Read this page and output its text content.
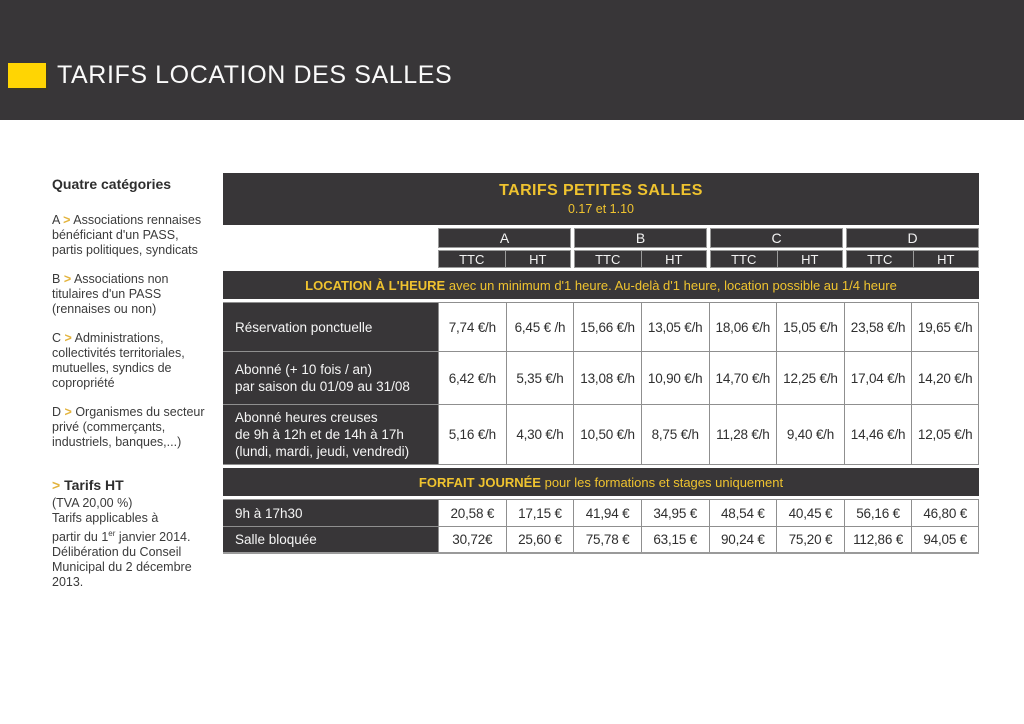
TARIFS LOCATION DES SALLES
Quatre catégories
A > Associations rennaises
bénéficiant d'un PASS,
partis politiques, syndicats
B > Associations non
titulaires d'un PASS
(rennaises ou non)
C > Administrations,
collectivités territoriales,
mutuelles, syndics de
copropriété
D > Organismes du secteur
privé (commerçants,
industriels, banques,...)
> Tarifs HT
(TVA 20,00 %)
Tarifs applicables à
partir du 1er janvier 2014.
Délibération du Conseil
Municipal du 2 décembre
2013.
TARIFS PETITES SALLES
0.17 et 1.10
A	B	C	D
TTC	HT	TTC	HT	TTC	HT	TTC	HT
LOCATION À L'HEURE avec un minimum d'1 heure. Au-delà d'1 heure, location possible au 1/4 heure
Réservation ponctuelle	7,74 €/h	6,45 € /h	15,66 €/h 13,05 €/h 18,06 €/h 15,05 €/h 23,58 €/h 19,65 €/h
Abonné (+ 10 fois / an)
par saison du 01/09 au 31/08
6,42 €/h	5,35 €/h	13,08 €/h 10,90 €/h 14,70 €/h 12,25 €/h 17,04 €/h 14,20 €/h
Abonné heures creuses
de 9h à 12h et de 14h à 17h
(lundi, mardi, jeudi, vendredi)
5,16 €/h	4,30 €/h	10,50 €/h	8,75 €/h	11,28 €/h	9,40 €/h	14,46 €/h 12,05 €/h
FORFAIT JOURNÉE pour les formations et stages uniquement
9h à 17h30	20,58 €	17,15 €	41,94 €	34,95 €	48,54 €	40,45 €	56,16 €	46,80 €
Salle bloquée	30,72€	25,60 €	75,78 €	63,15 €	90,24 €	75,20 €	112,86 €	94,05 €
